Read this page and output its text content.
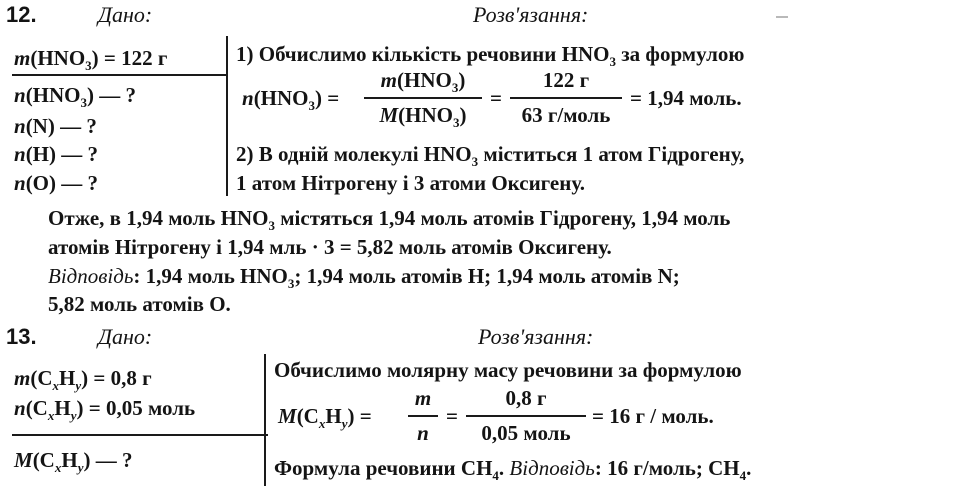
12.	Дано:	Розв'язання:
$m(HNO_3) = 122$ г
$n(HNO_3)$ — ?
n(N) — ?
n(H) — ?
n(O) — ?
1) Обчислимо кількість речовини $HNO_3$ за формулою
$n(HNO_3)$ =
$m(HNO_3)$
$M(HNO_3)$
=
122 г
63 г/моль
= 1,94 моль.
2) В одній молекулі $HNO_3$ міститься 1 атом Гідрогену,
1 атом Нітрогену і 3 атоми Оксигену.
Отже, в 1,94 моль $HNO_3$ містяться 1,94 моль атомів Гідрогену, 1,94 моль
атомів Нітрогену і 1,94 мль · 3 = 5,82 моль атомів Оксигену.
Відповідь: 1,94 моль $HNO_3$; 1,94 моль атомів H; 1,94 моль атомів N;
5,82 моль атомів O.
13.	Дано:	Розв'язання:
$m(C_xH_y) = 0,8$ г
$n(C_xH_y) = 0,05$ моль
$M(C_xH_y)$ — ?
Обчислимо молярну масу речовини за формулою
$M(C_xH_y)$ =
m
n
=
0,8 г
0,05 моль
= 16 г / моль.
Формула речовини $CH_4$. Відповідь: 16 г/моль; $CH_4$.
